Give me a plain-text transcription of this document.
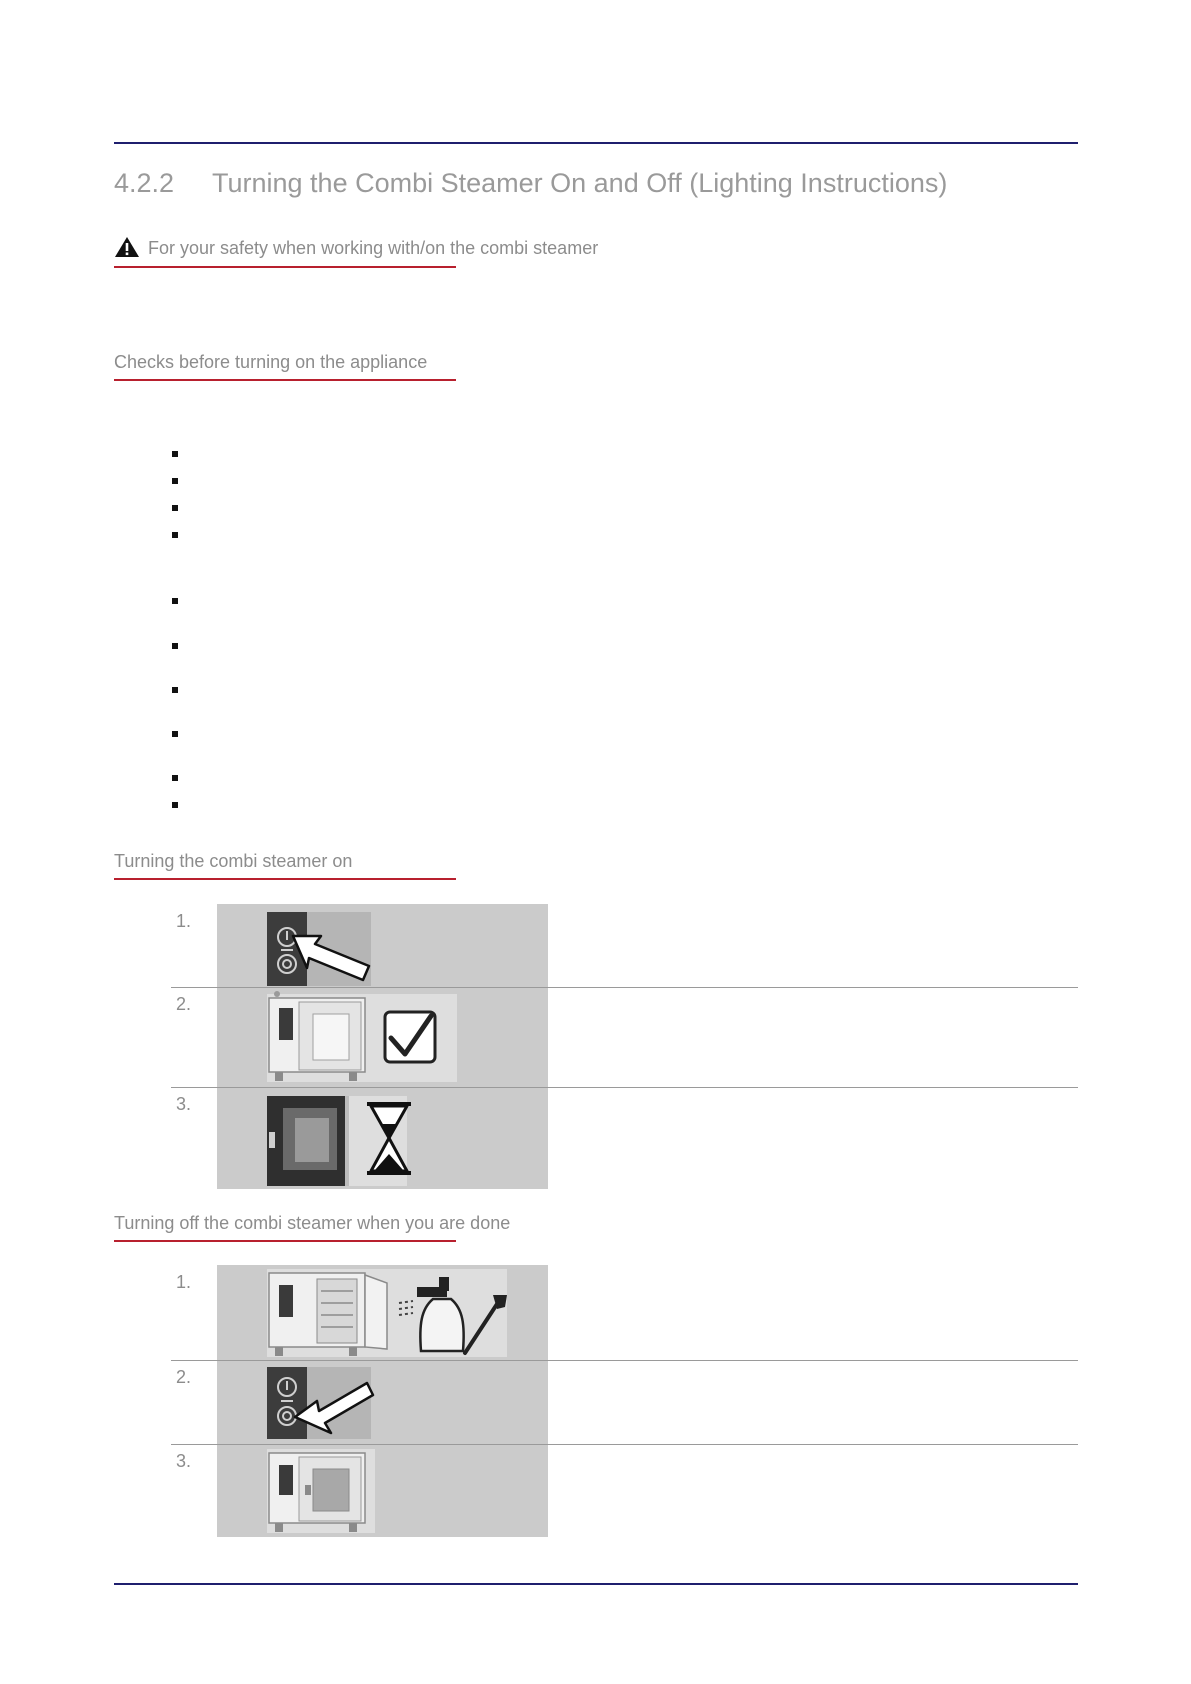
4.2.2 Turning the Combi Steamer On and Off (Lighting Instructions)
For your safety when working with/on the combi steamer
Checks before turning on the appliance
Turning the combi steamer on
1.
2.
3.
Turning off the combi steamer when you are done
1.
2.
3.
